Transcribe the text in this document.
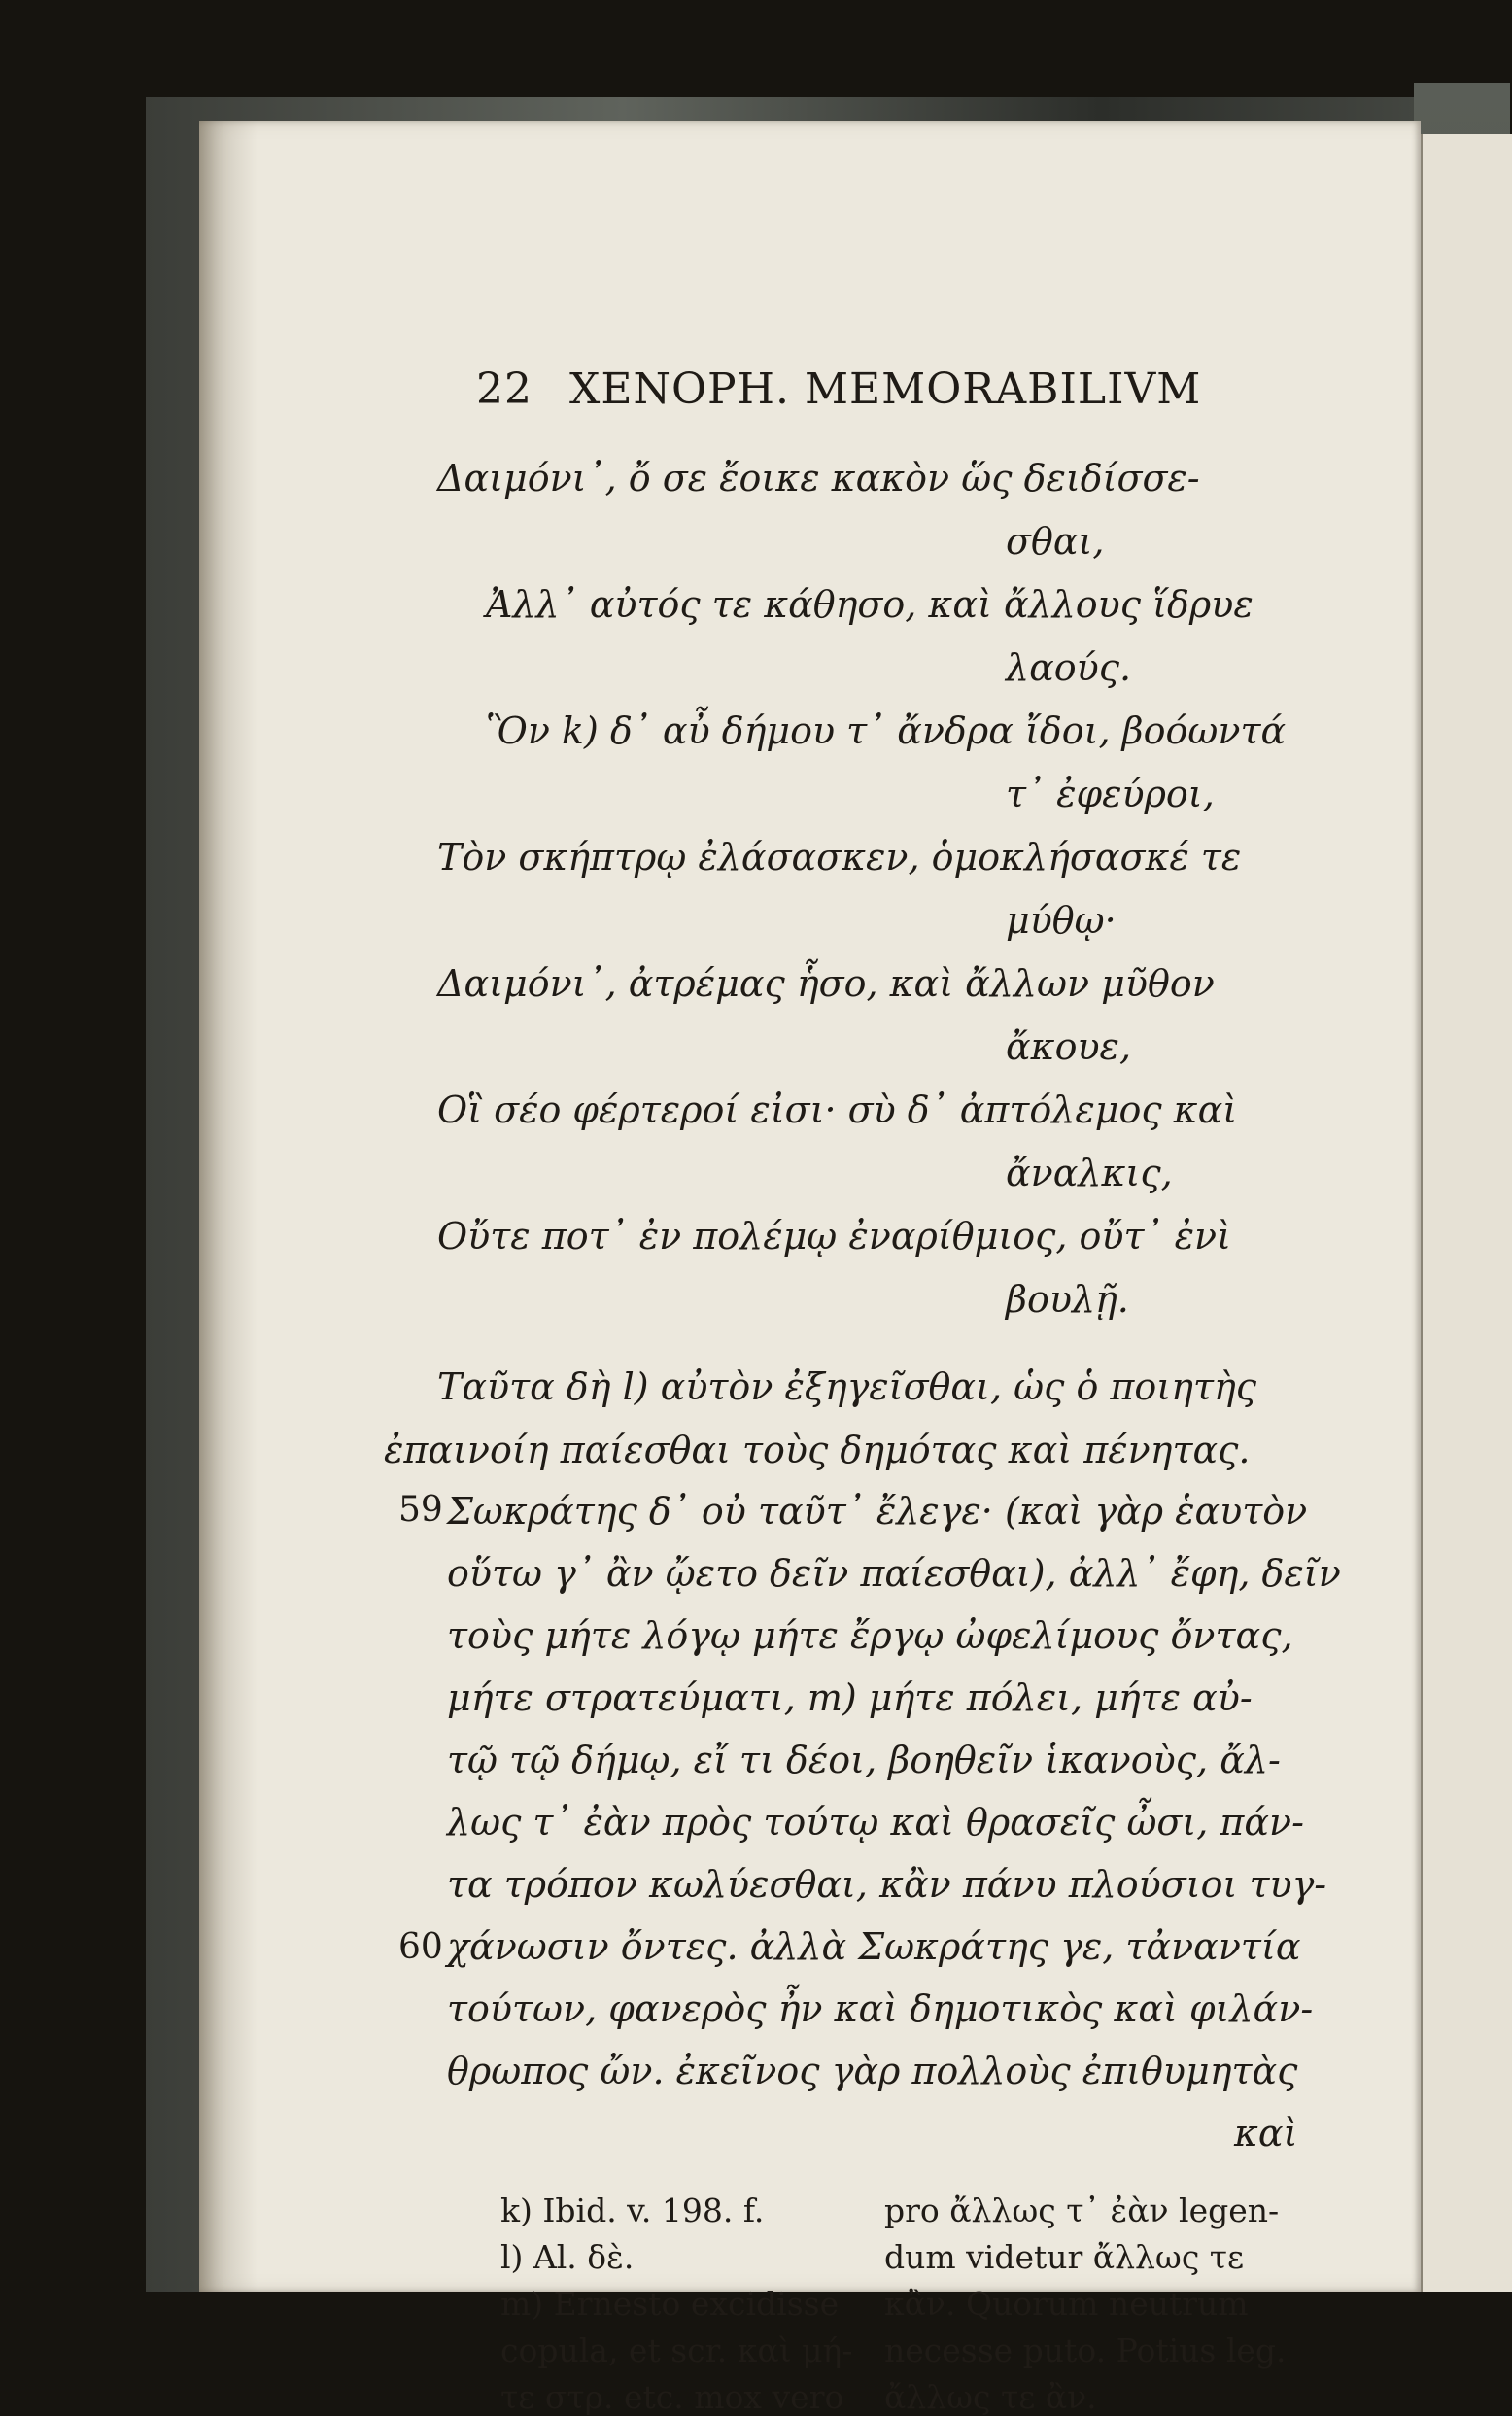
22 XENOPH. MEMORABILIVM
Δαιμόνι᾽, ὄ σε ἔοικε κακὸν ὥς δειδίσσε-
σθαι,
Ἀλλ᾽ αὐτός τε κάθησο, καὶ ἄλλους ἵδρυε
λαούς.
Ὃν k) δ᾽ αὖ δήμου τ᾽ ἄνδρα ἴδοι, βοόωντά
τ᾽ ἐφεύροι,
Τὸν σκήπτρῳ ἐλάσασκεν, ὁμοκλήσασκέ τε
μύθῳ·
Δαιμόνι᾽, ἀτρέμας ἧσο, καὶ ἄλλων μῦθον
ἄκουε,
Οἳ σέο φέρτεροί εἰσι· σὺ δ᾽ ἀπτόλεμος καὶ
ἄναλκις,
Οὔτε ποτ᾽ ἐν πολέμῳ ἐναρίθμιος, οὔτ᾽ ἐνὶ
βουλῇ.
Ταῦτα δὴ l) αὐτὸν ἐξηγεῖσθαι, ὡς ὁ ποιητὴς
ἐπαινοίη παίεσθαι τοὺς δημότας καὶ πένητας.
59 Σωκράτης δ᾽ οὐ ταῦτ᾽ ἔλεγε· (καὶ γὰρ ἑαυτὸν
οὕτω γ᾽ ἂν ᾤετο δεῖν παίεσθαι), ἀλλ᾽ ἔφη, δεῖν
τοὺς μήτε λόγῳ μήτε ἔργῳ ὠφελίμους ὄντας,
μήτε στρατεύματι, m) μήτε πόλει, μήτε αὐ-
τῷ τῷ δήμῳ, εἴ τι δέοι, βοηθεῖν ἱκανοὺς, ἄλ-
λως τ᾽ ἐὰν πρὸς τούτῳ καὶ θρασεῖς ὦσι, πάν-
τα τρόπον κωλύεσθαι, κἂν πάνυ πλούσιοι τυγ-
60 χάνωσιν ὄντες. ἀλλὰ Σωκράτης γε, τἀναντία
τούτων, φανερὸς ἦν καὶ δημοτικὸς καὶ φιλάν-
θρωπος ὤν. ἐκεῖνος γὰρ πολλοὺς ἐπιθυμητὰς
καὶ
k) Ibid. v. 198. f.
l) Al. δὲ.
m) Ernesto excidisse
copula, et scr. καὶ μή-
τε στρ. etc. mox vero
pro ἄλλως τ᾽ ἐὰν legen-
dum videtur ἄλλως τε
κἂν. Quorum neutrum
necesse puto. Potius leg.
ἄλλως τε ἂν.
